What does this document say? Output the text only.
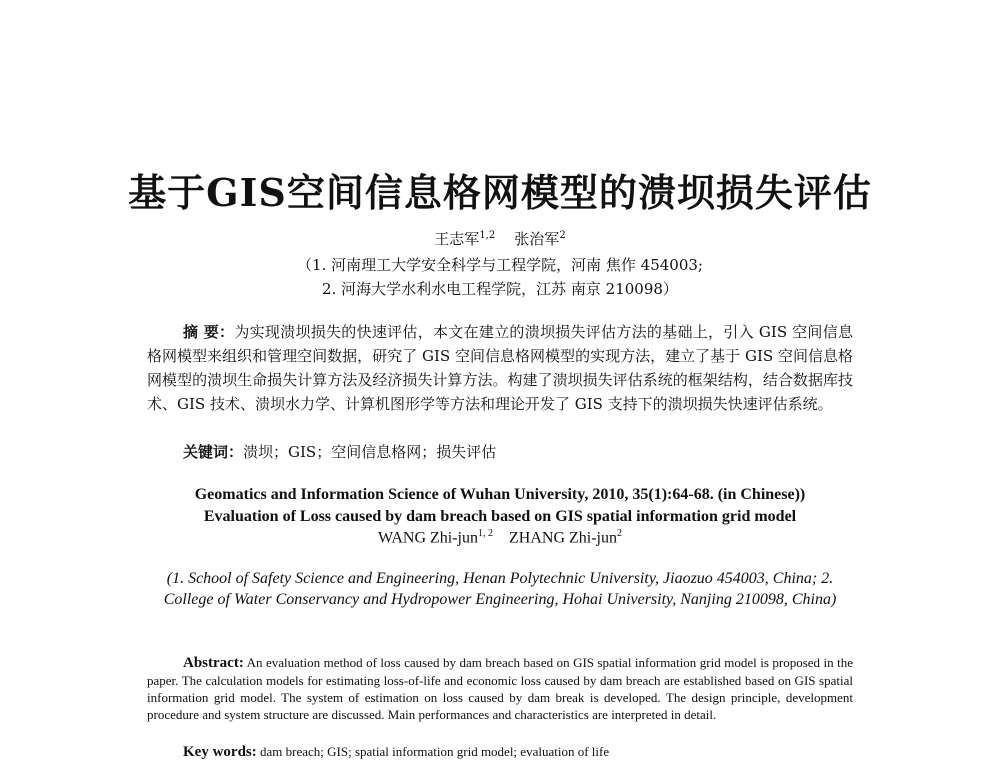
基于GIS空间信息格网模型的溃坝损失评估
王志军$^{1,2}$ 张治军$^2$
（1. 河南理工大学安全科学与工程学院，河南 焦作 454003;
2. 河海大学水利水电工程学院，江苏 南京 210098）
摘 要：为实现溃坝损失的快速评估，本文在建立的溃坝损失评估方法的基础上，引入 GIS 空间信息格网模型来组织和管理空间数据，研究了 GIS 空间信息格网模型的实现方法，建立了基于 GIS 空间信息格网模型的溃坝生命损失计算方法及经济损失计算方法。构建了溃坝损失评估系统的框架结构，结合数据库技术、GIS 技术、溃坝水力学、计算机图形学等方法和理论开发了 GIS 支持下的溃坝损失快速评估系统。
关键词：溃坝；GIS；空间信息格网；损失评估
Geomatics and Information Science of Wuhan University, 2010, 35(1):64-68. (in Chinese))
Evaluation of Loss caused by dam breach based on GIS spatial information grid model
WANG Zhi-jun$^{1, 2}$ ZHANG Zhi-jun$^2$
(1. School of Safety Science and Engineering, Henan Polytechnic University, Jiaozuo 454003, China; 2. College of Water Conservancy and Hydropower Engineering, Hohai University, Nanjing 210098, China)
Abstract: An evaluation method of loss caused by dam breach based on GIS spatial information grid model is proposed in the paper. The calculation models for estimating loss-of-life and economic loss caused by dam breach are established based on GIS spatial information grid model. The system of estimation on loss caused by dam break is developed. The design principle, development procedure and system structure are discussed. Main performances and characteristics are interpreted in detail.
Key words: dam breach; GIS; spatial information grid model; evaluation of life
